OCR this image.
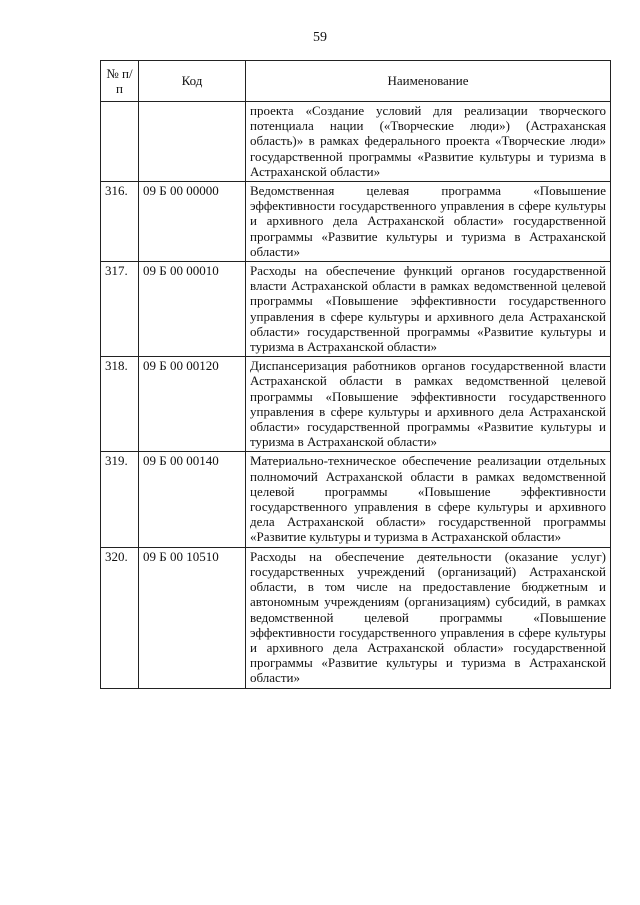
59
№ п/п	Код	Наименование
		проекта «Создание условий для реализации творческого потенциала нации («Творческие люди») (Астраханская область)» в рамках федерального проекта «Творческие люди» государственной программы «Развитие культуры и туризма в Астраханской области»
316.	09 Б 00 00000	Ведомственная целевая программа «Повышение эффективности государственного управления в сфере культуры и архивного дела Астраханской области» государственной программы «Развитие культуры и туризма в Астраханской области»
317.	09 Б 00 00010	Расходы на обеспечение функций органов государственной власти Астраханской области в рамках ведомственной целевой программы «Повышение эффективности государственного управления в сфере культуры и архивного дела Астраханской области» государственной программы «Развитие культуры и туризма в Астраханской области»
318.	09 Б 00 00120	Диспансеризация работников органов государственной власти Астраханской области в рамках ведомственной целевой программы «Повышение эффективности государственного управления в сфере культуры и архивного дела Астраханской области» государственной программы «Развитие культуры и туризма в Астраханской области»
319.	09 Б 00 00140	Материально-техническое обеспечение реализации отдельных полномочий Астраханской области в рамках ведомственной целевой программы «Повышение эффективности государственного управления в сфере культуры и архивного дела Астраханской области» государственной программы «Развитие культуры и туризма в Астраханской области»
320.	09 Б 00 10510	Расходы на обеспечение деятельности (оказание услуг) государственных учреждений (организаций) Астраханской области, в том числе на предоставление бюджетным и автономным учреждениям (организациям) субсидий, в рамках ведомственной целевой программы «Повышение эффективности государственного управления в сфере культуры и архивного дела Астраханской области» государственной программы «Развитие культуры и туризма в Астраханской области»
